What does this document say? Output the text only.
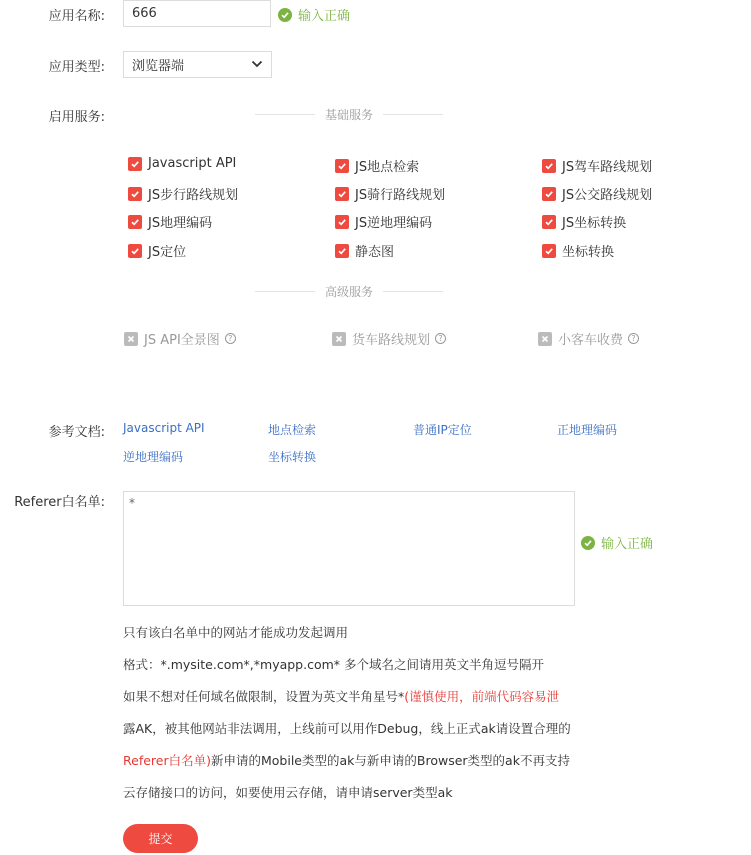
应用名称:	666	输入正确
应用类型: 浏览器端
启用服务:	基础服务
Javascript API	JS地点检索	JS驾车路线规划
JS步行路线规划	JS骑行路线规划	JS公交路线规划
JS地理编码	JS逆地理编码	JS坐标转换
JS定位	静态图	坐标转换
高级服务
JS API全景图	?	货车路线规划	?	小客车收费	?
参考文档: Javascript API	地点检索	普通IP定位	正地理编码
逆地理编码	坐标转换
Referer白名单:	*
输入正确
只有该白名单中的网站才能成功发起调用
格式：*.mysite.com*,*myapp.com* 多个域名之间请用英文半角逗号隔开
如果不想对任何域名做限制，设置为英文半角星号*(谨慎使用，前端代码容易泄
露AK，被其他网站非法调用，上线前可以用作Debug，线上正式ak请设置合理的
Referer白名单)新申请的Mobile类型的ak与新申请的Browser类型的ak不再支持
云存储接口的访问，如要使用云存储，请申请server类型ak
提交
